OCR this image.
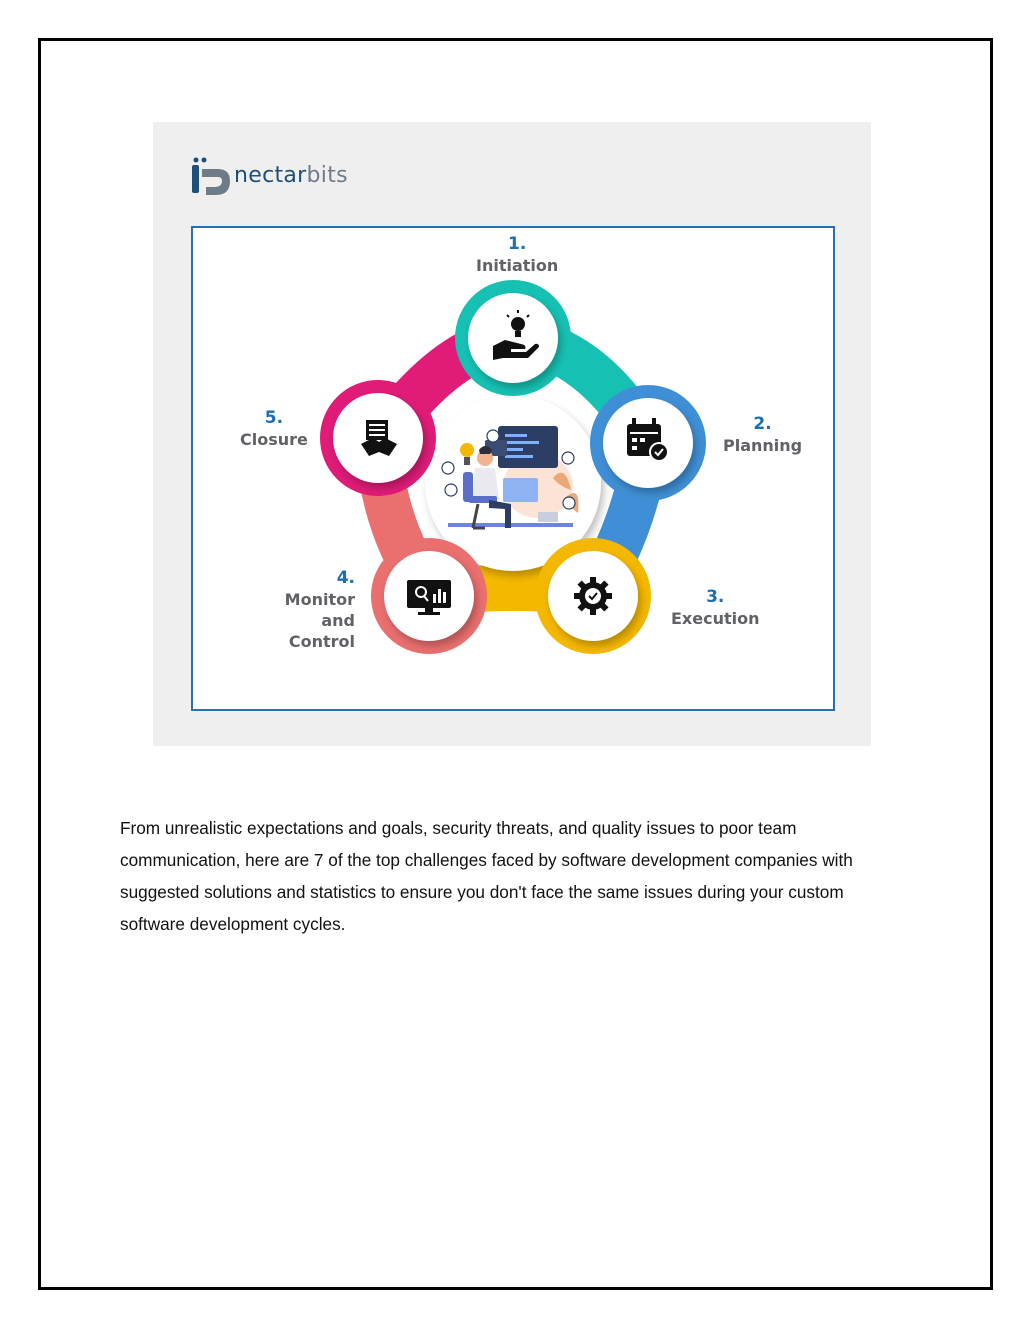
nectarbits
1.
Initiation
2.
Planning
3.
Execution
4.
Monitor
and
Control
5.
Closure

From unrealistic expectations and goals, security threats, and quality issues to poor team communication, here are 7 of the top challenges faced by software development companies with suggested solutions and statistics to ensure you don't face the same issues during your custom software development cycles.
